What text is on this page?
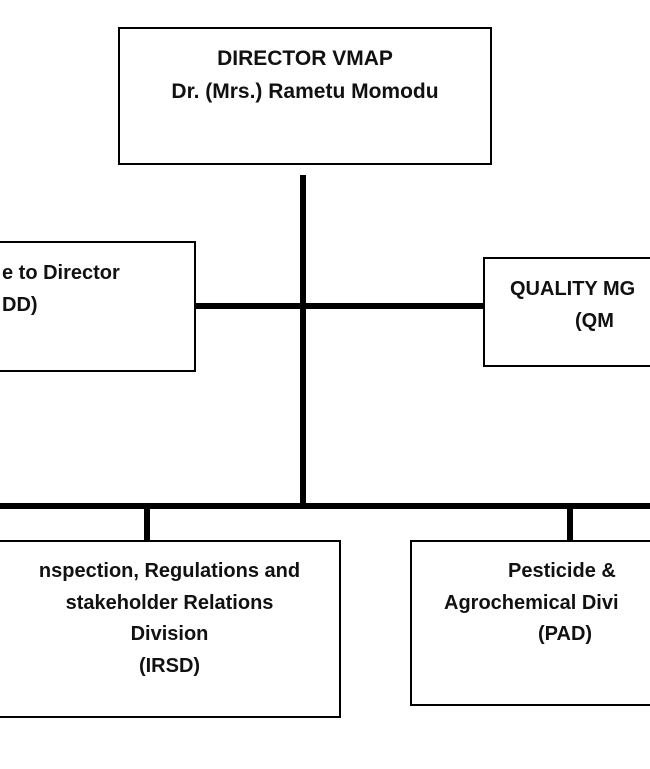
DIRECTOR VMAP
Dr. (Mrs.) Rametu Momodu
e to Director
DD)
QUALITY MG
(QM
nspection, Regulations and
stakeholder Relations
Division
(IRSD)
Pesticide &
Agrochemical Divi
(PAD)
